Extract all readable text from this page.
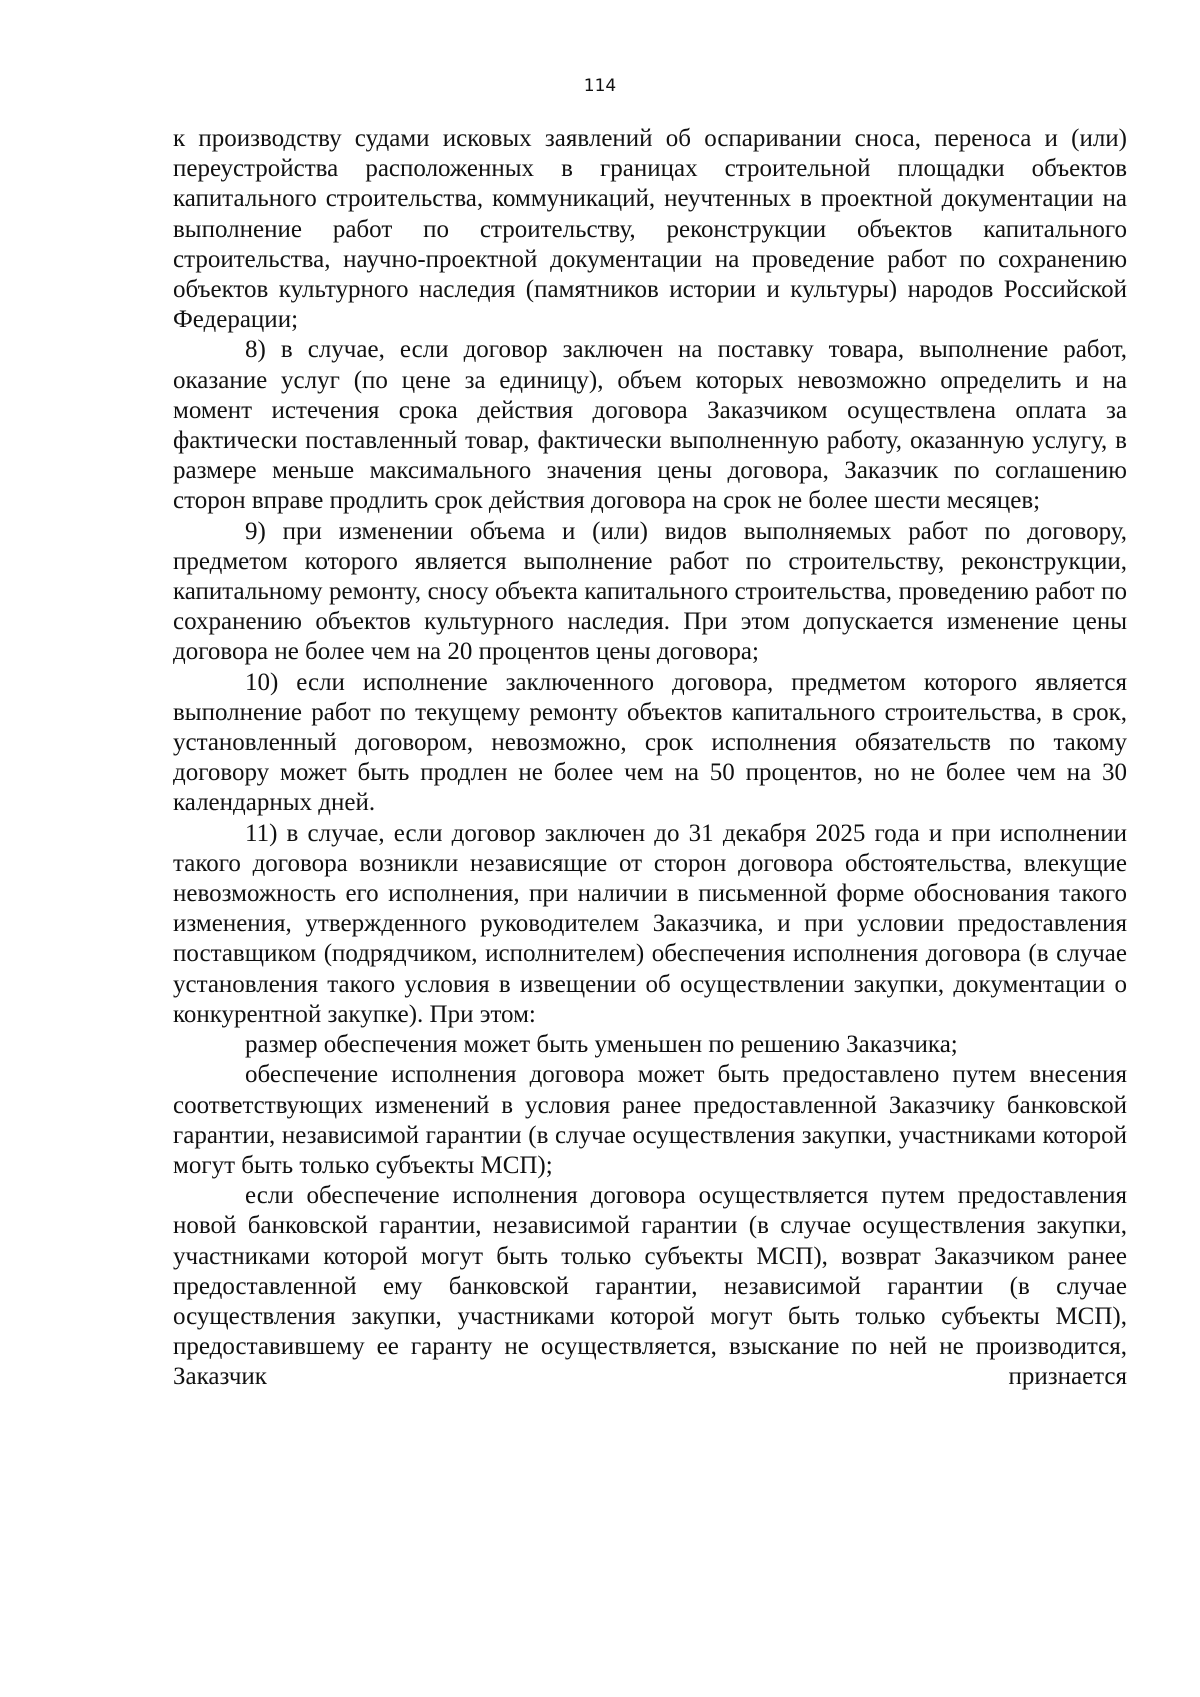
114

к производству судами исковых заявлений об оспаривании сноса, переноса и (или) переустройства расположенных в границах строительной площадки объектов капитального строительства, коммуникаций, неучтенных в проектной документации на выполнение работ по строительству, реконструкции объектов капитального строительства, научно-проектной документации на проведение работ по сохранению объектов культурного наследия (памятников истории и культуры) народов Российской Федерации;

8) в случае, если договор заключен на поставку товара, выполнение работ, оказание услуг (по цене за единицу), объем которых невозможно определить и на момент истечения срока действия договора Заказчиком осуществлена оплата за фактически поставленный товар, фактически выполненную работу, оказанную услугу, в размере меньше максимального значения цены договора, Заказчик по соглашению сторон вправе продлить срок действия договора на срок не более шести месяцев;

9) при изменении объема и (или) видов выполняемых работ по договору, предметом которого является выполнение работ по строительству, реконструкции, капитальному ремонту, сносу объекта капитального строительства, проведению работ по сохранению объектов культурного наследия. При этом допускается изменение цены договора не более чем на 20 процентов цены договора;

10) если исполнение заключенного договора, предметом которого является выполнение работ по текущему ремонту объектов капитального строительства, в срок, установленный договором, невозможно, срок исполнения обязательств по такому договору может быть продлен не более чем на 50 процентов, но не более чем на 30 календарных дней.

11) в случае, если договор заключен до 31 декабря 2025 года и при исполнении такого договора возникли независящие от сторон договора обстоятельства, влекущие невозможность его исполнения, при наличии в письменной форме обоснования такого изменения, утвержденного руководителем Заказчика, и при условии предоставления поставщиком (подрядчиком, исполнителем) обеспечения исполнения договора (в случае установления такого условия в извещении об осуществлении закупки, документации о конкурентной закупке). При этом:

размер обеспечения может быть уменьшен по решению Заказчика;

обеспечение исполнения договора может быть предоставлено путем внесения соответствующих изменений в условия ранее предоставленной Заказчику банковской гарантии, независимой гарантии (в случае осуществления закупки, участниками которой могут быть только субъекты МСП);

если обеспечение исполнения договора осуществляется путем предоставления новой банковской гарантии, независимой гарантии (в случае осуществления закупки, участниками которой могут быть только субъекты МСП), возврат Заказчиком ранее предоставленной ему банковской гарантии, независимой гарантии (в случае осуществления закупки, участниками которой могут быть только субъекты МСП), предоставившему ее гаранту не осуществляется, взыскание по ней не производится, Заказчик признается
